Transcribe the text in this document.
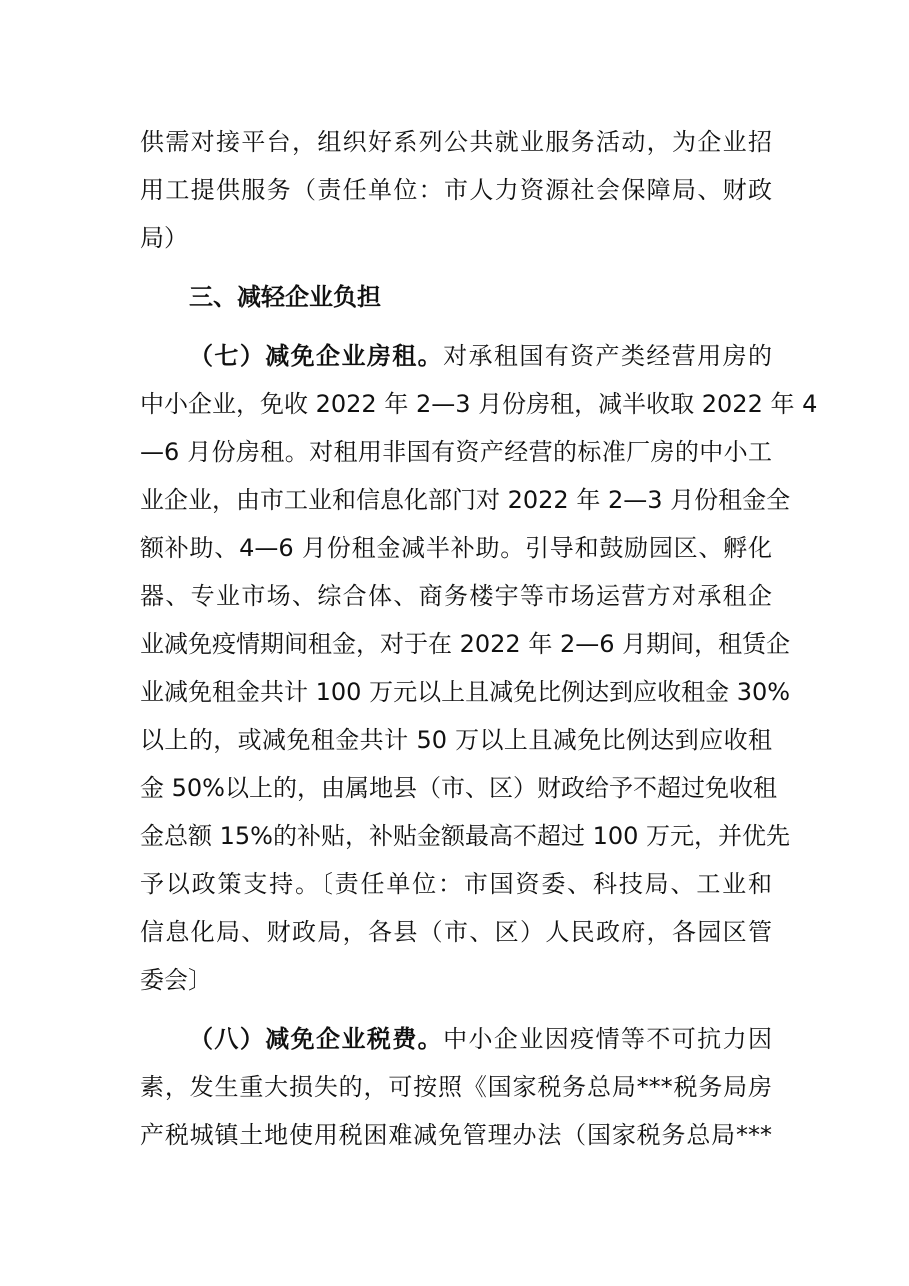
供需对接平台，组织好系列公共就业服务活动，为企业招
用工提供服务（责任单位：市人力资源社会保障局、财政
局）
三、减轻企业负担
（七）减免企业房租。对承租国有资产类经营用房的
中小企业，免收 2022 年 2—3 月份房租，减半收取 2022 年 4
—6 月份房租。对租用非国有资产经营的标准厂房的中小工
业企业，由市工业和信息化部门对 2022 年 2—3 月份租金全
额补助、4—6 月份租金减半补助。引导和鼓励园区、孵化
器、专业市场、综合体、商务楼宇等市场运营方对承租企
业减免疫情期间租金，对于在 2022 年 2—6 月期间，租赁企
业减免租金共计 100 万元以上且减免比例达到应收租金 30%
以上的，或减免租金共计 50 万以上且减免比例达到应收租
金 50%以上的，由属地县（市、区）财政给予不超过免收租
金总额 15%的补贴，补贴金额最高不超过 100 万元，并优先
予以政策支持。〔责任单位：市国资委、科技局、工业和
信息化局、财政局，各县（市、区）人民政府，各园区管
委会〕
（八）减免企业税费。中小企业因疫情等不可抗力因
素，发生重大损失的，可按照《国家税务总局***税务局房
产税城镇土地使用税困难减免管理办法（国家税务总局***
